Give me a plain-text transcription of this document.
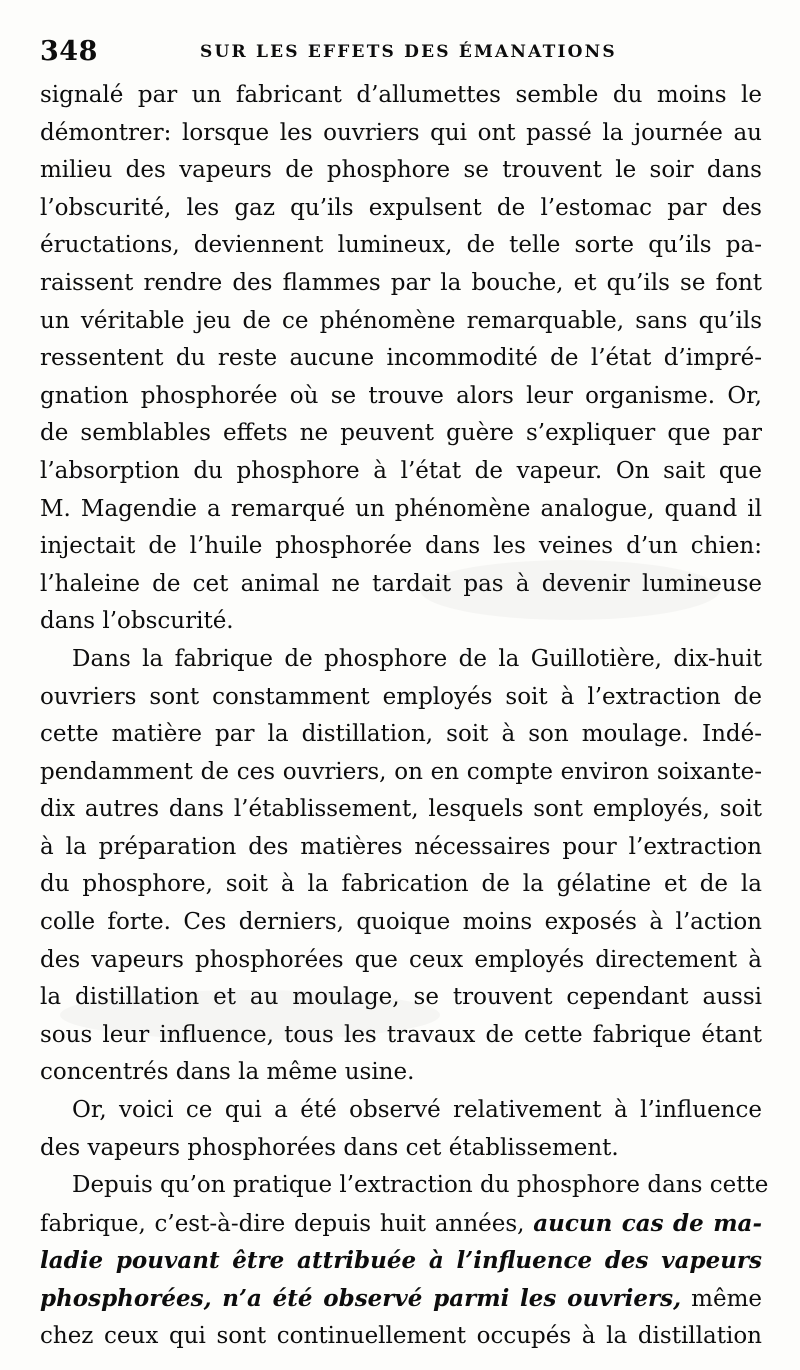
348	SUR LES EFFETS DES ÉMANATIONS
signalé par un fabricant d’allumettes semble du moins le
démontrer: lorsque les ouvriers qui ont passé la journée au
milieu des vapeurs de phosphore se trouvent le soir dans
l’obscurité, les gaz qu’ils expulsent de l’estomac par des
éructations, deviennent lumineux, de telle sorte qu’ils pa-
raissent rendre des flammes par la bouche, et qu’ils se font
un véritable jeu de ce phénomène remarquable, sans qu’ils
ressentent du reste aucune incommodité de l’état d’impré-
gnation phosphorée où se trouve alors leur organisme. Or,
de semblables effets ne peuvent guère s’expliquer que par
l’absorption du phosphore à l’état de vapeur. On sait que
M. Magendie a remarqué un phénomène analogue, quand il
injectait de l’huile phosphorée dans les veines d’un chien:
l’haleine de cet animal ne tardait pas à devenir lumineuse
dans l’obscurité.
Dans la fabrique de phosphore de la Guillotière, dix-huit
ouvriers sont constamment employés soit à l’extraction de
cette matière par la distillation, soit à son moulage. Indé-
pendamment de ces ouvriers, on en compte environ soixante-
dix autres dans l’établissement, lesquels sont employés, soit
à la préparation des matières nécessaires pour l’extraction
du phosphore, soit à la fabrication de la gélatine et de la
colle forte. Ces derniers, quoique moins exposés à l’action
des vapeurs phosphorées que ceux employés directement à
la distillation et au moulage, se trouvent cependant aussi
sous leur influence, tous les travaux de cette fabrique étant
concentrés dans la même usine.
Or, voici ce qui a été observé relativement à l’influence
des vapeurs phosphorées dans cet établissement.
Depuis qu’on pratique l’extraction du phosphore dans cette
fabrique, c’est-à-dire depuis huit années, aucun cas de ma-
ladie pouvant être attribuée à l’influence des vapeurs
phosphorées, n’a été observé parmi les ouvriers, même
chez ceux qui sont continuellement occupés à la distillation
